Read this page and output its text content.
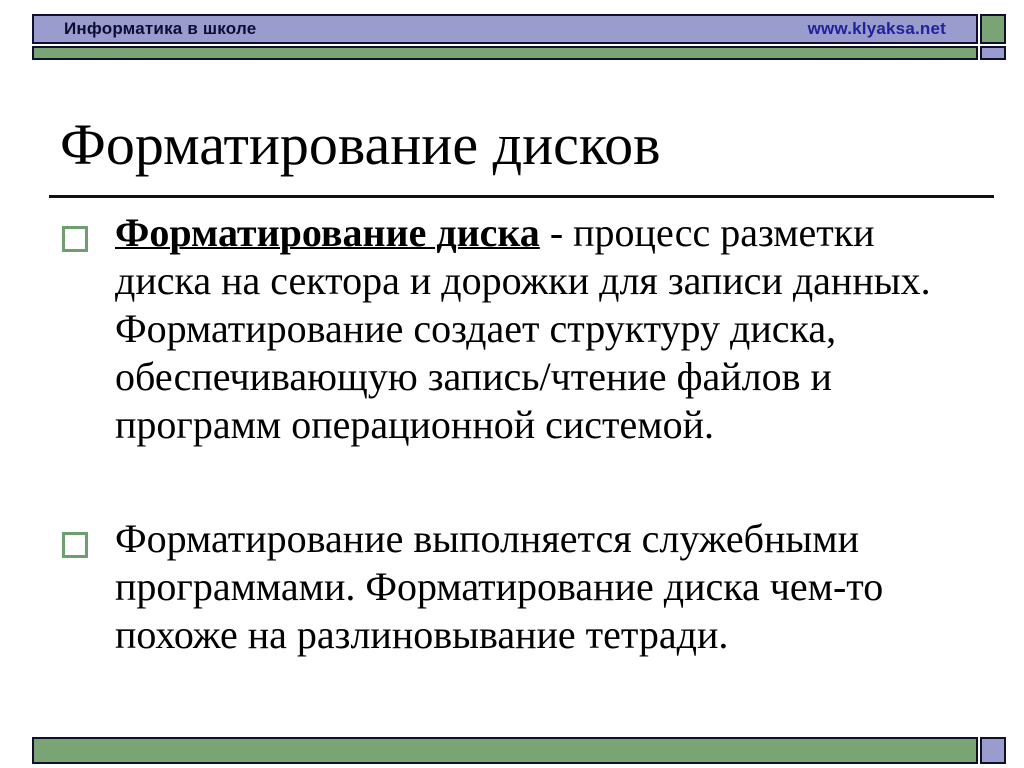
Информатика в школе	www.klyaksa.net
Форматирование дисков
Форматирование диска - процесс разметки
диска на сектора и дорожки для записи данных.
Форматирование создает структуру диска,
обеспечивающую запись/чтение файлов и
программ операционной системой.
Форматирование выполняется служебными
программами. Форматирование диска чем-то
похоже на разлиновывание тетради.
